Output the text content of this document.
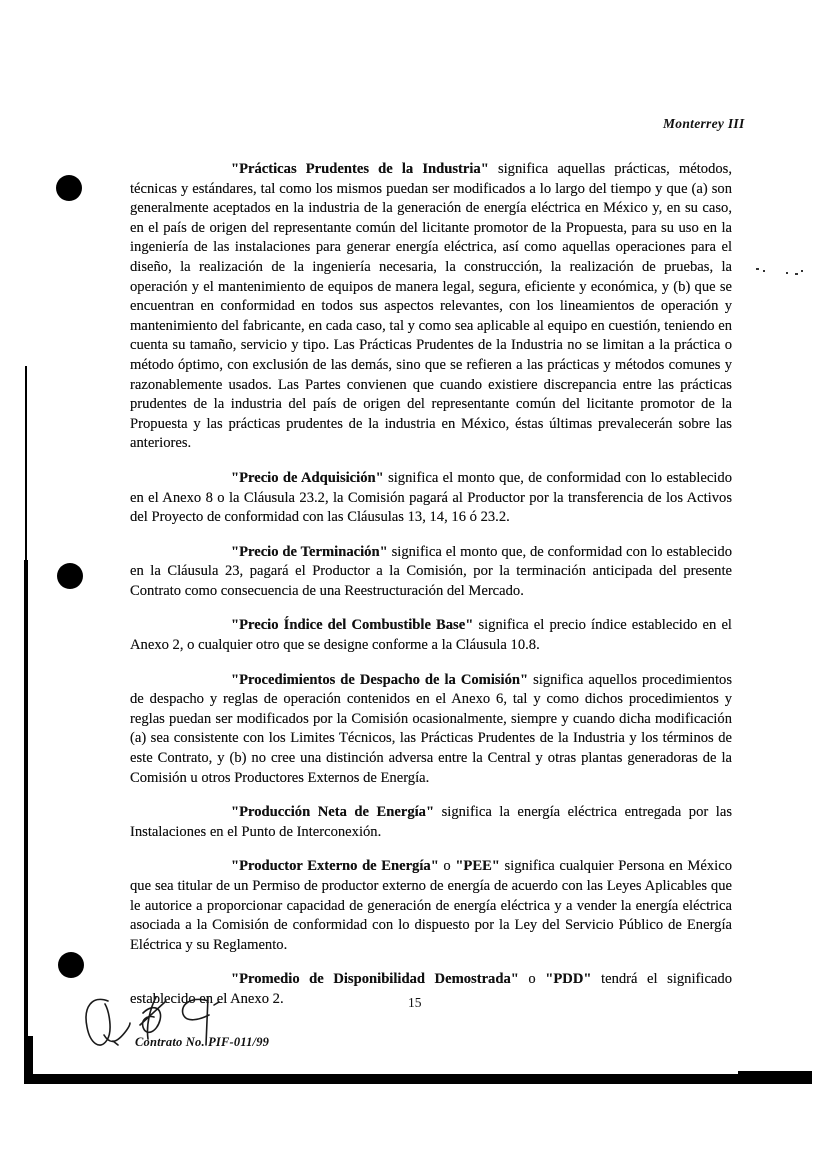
Monterrey III

"Prácticas Prudentes de la Industria" significa aquellas prácticas, métodos, técnicas y estándares, tal como los mismos puedan ser modificados a lo largo del tiempo y que (a) son generalmente aceptados en la industria de la generación de energía eléctrica en México y, en su caso, en el país de origen del representante común del licitante promotor de la Propuesta, para su uso en la ingeniería de las instalaciones para generar energía eléctrica, así como aquellas operaciones para el diseño, la realización de la ingeniería necesaria, la construcción, la realización de pruebas, la operación y el mantenimiento de equipos de manera legal, segura, eficiente y económica, y (b) que se encuentran en conformidad en todos sus aspectos relevantes, con los lineamientos de operación y mantenimiento del fabricante, en cada caso, tal y como sea aplicable al equipo en cuestión, teniendo en cuenta su tamaño, servicio y tipo. Las Prácticas Prudentes de la Industria no se limitan a la práctica o método óptimo, con exclusión de las demás, sino que se refieren a las prácticas y métodos comunes y razonablemente usados. Las Partes convienen que cuando existiere discrepancia entre las prácticas prudentes de la industria del país de origen del representante común del licitante promotor de la Propuesta y las prácticas prudentes de la industria en México, éstas últimas prevalecerán sobre las anteriores.

"Precio de Adquisición" significa el monto que, de conformidad con lo establecido en el Anexo 8 o la Cláusula 23.2, la Comisión pagará al Productor por la transferencia de los Activos del Proyecto de conformidad con las Cláusulas 13, 14, 16 ó 23.2.

"Precio de Terminación" significa el monto que, de conformidad con lo establecido en la Cláusula 23, pagará el Productor a la Comisión, por la terminación anticipada del presente Contrato como consecuencia de una Reestructuración del Mercado.

"Precio Índice del Combustible Base" significa el precio índice establecido en el Anexo 2, o cualquier otro que se designe conforme a la Cláusula 10.8.

"Procedimientos de Despacho de la Comisión" significa aquellos procedimientos de despacho y reglas de operación contenidos en el Anexo 6, tal y como dichos procedimientos y reglas puedan ser modificados por la Comisión ocasionalmente, siempre y cuando dicha modificación (a) sea consistente con los Limites Técnicos, las Prácticas Prudentes de la Industria y los términos de este Contrato, y (b) no cree una distinción adversa entre la Central y otras plantas generadoras de la Comisión u otros Productores Externos de Energía.

"Producción Neta de Energía" significa la energía eléctrica entregada por las Instalaciones en el Punto de Interconexión.

"Productor Externo de Energía" o "PEE" significa cualquier Persona en México que sea titular de un Permiso de productor externo de energía de acuerdo con las Leyes Aplicables que le autorice a proporcionar capacidad de generación de energía eléctrica y a vender la energía eléctrica asociada a la Comisión de conformidad con lo dispuesto por la Ley del Servicio Público de Energía Eléctrica y su Reglamento.

"Promedio de Disponibilidad Demostrada" o "PDD" tendrá el significado establecido en el Anexo 2.	15
Contrato No. PIF-011/99
